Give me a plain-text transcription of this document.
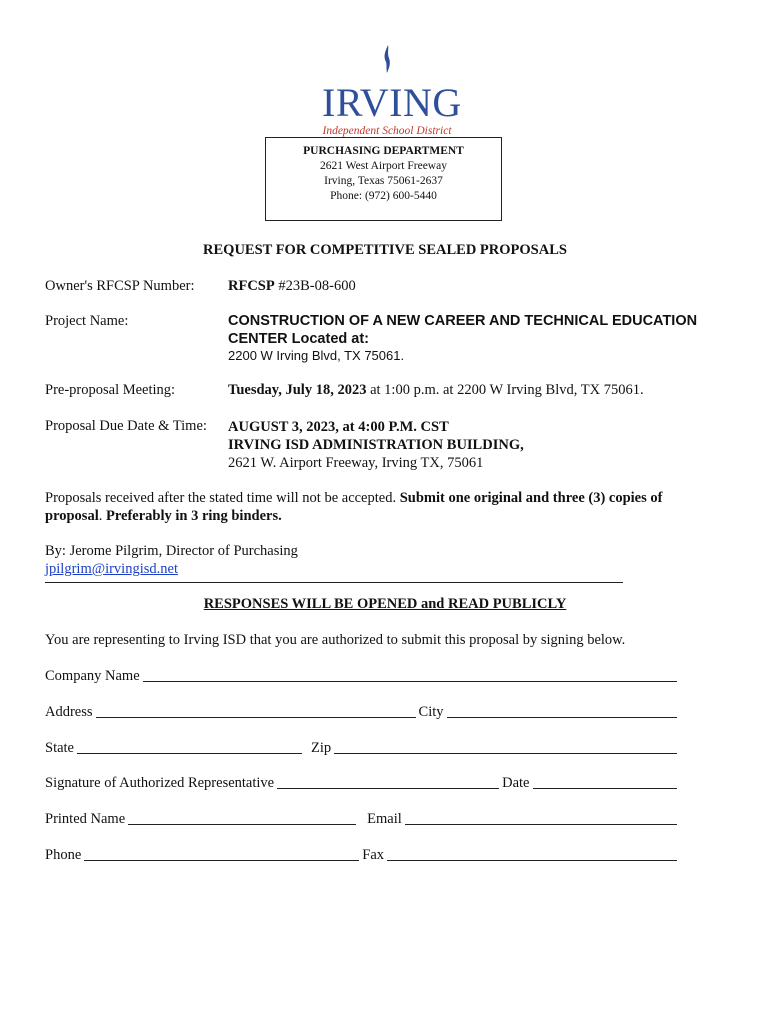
IRVING
Independent School District
PURCHASING DEPARTMENT
2621 West Airport Freeway
Irving, Texas 75061-2637
Phone: (972) 600-5440
REQUEST FOR COMPETITIVE SEALED PROPOSALS
Owner's RFCSP Number: RFCSP #23B-08-600
Project Name:	CONSTRUCTION OF A NEW CAREER AND TECHNICAL EDUCATION
CENTER Located at:
2200 W Irving Blvd, TX 75061.
Pre-proposal Meeting:	Tuesday, July 18, 2023 at 1:00 p.m. at 2200 W Irving Blvd, TX 75061.
Proposal Due Date & Time: AUGUST 3, 2023, at 4:00 P.M. CST
IRVING ISD ADMINISTRATION BUILDING,
2621 W. Airport Freeway, Irving TX, 75061
Proposals received after the stated time will not be accepted. Submit one original and three (3) copies of
proposal. Preferably in 3 ring binders.
By: Jerome Pilgrim, Director of Purchasing
jpilgrim@irvingisd.net
RESPONSES WILL BE OPENED and READ PUBLICLY
You are representing to Irving ISD that you are authorized to submit this proposal by signing below.
Company Name
Address	City
State	Zip
Signature of Authorized Representative	Date
Printed Name	Email
Phone	Fax
